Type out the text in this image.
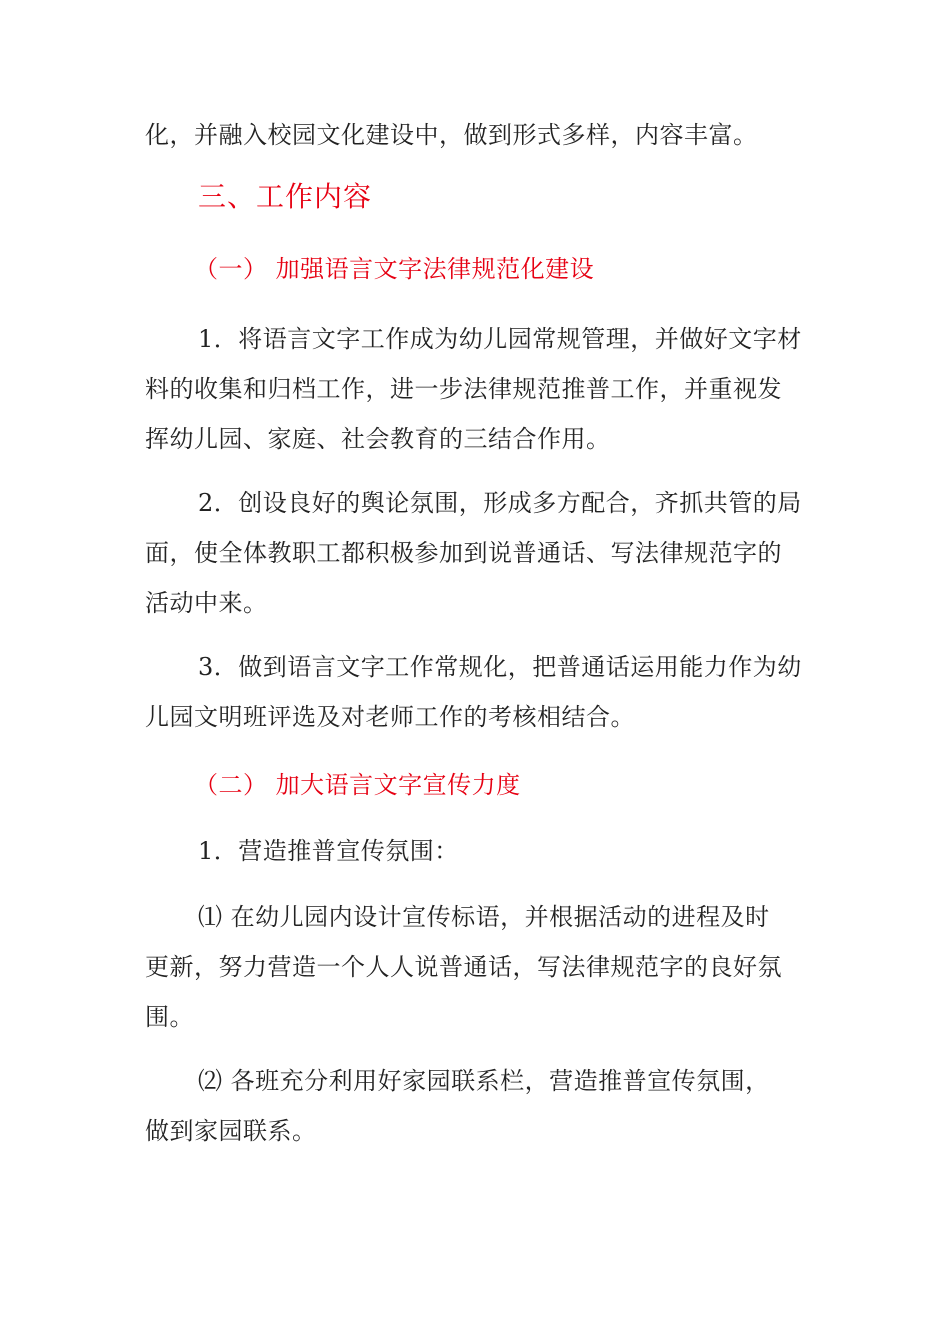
化，并融入校园文化建设中，做到形式多样，内容丰富。

三、工作内容

（一） 加强语言文字法律规范化建设

1．将语言文字工作成为幼儿园常规管理，并做好文字材

料的收集和归档工作，进一步法律规范推普工作，并重视发

挥幼儿园、家庭、社会教育的三结合作用。

2．创设良好的舆论氛围，形成多方配合，齐抓共管的局

面，使全体教职工都积极参加到说普通话、写法律规范字的

活动中来。

3．做到语言文字工作常规化，把普通话运用能力作为幼

儿园文明班评选及对老师工作的考核相结合。

（二） 加大语言文字宣传力度

1．营造推普宣传氛围：

⑴ 在幼儿园内设计宣传标语，并根据活动的进程及时

更新，努力营造一个人人说普通话，写法律规范字的良好氛

围。

⑵ 各班充分利用好家园联系栏，营造推普宣传氛围，

做到家园联系。
